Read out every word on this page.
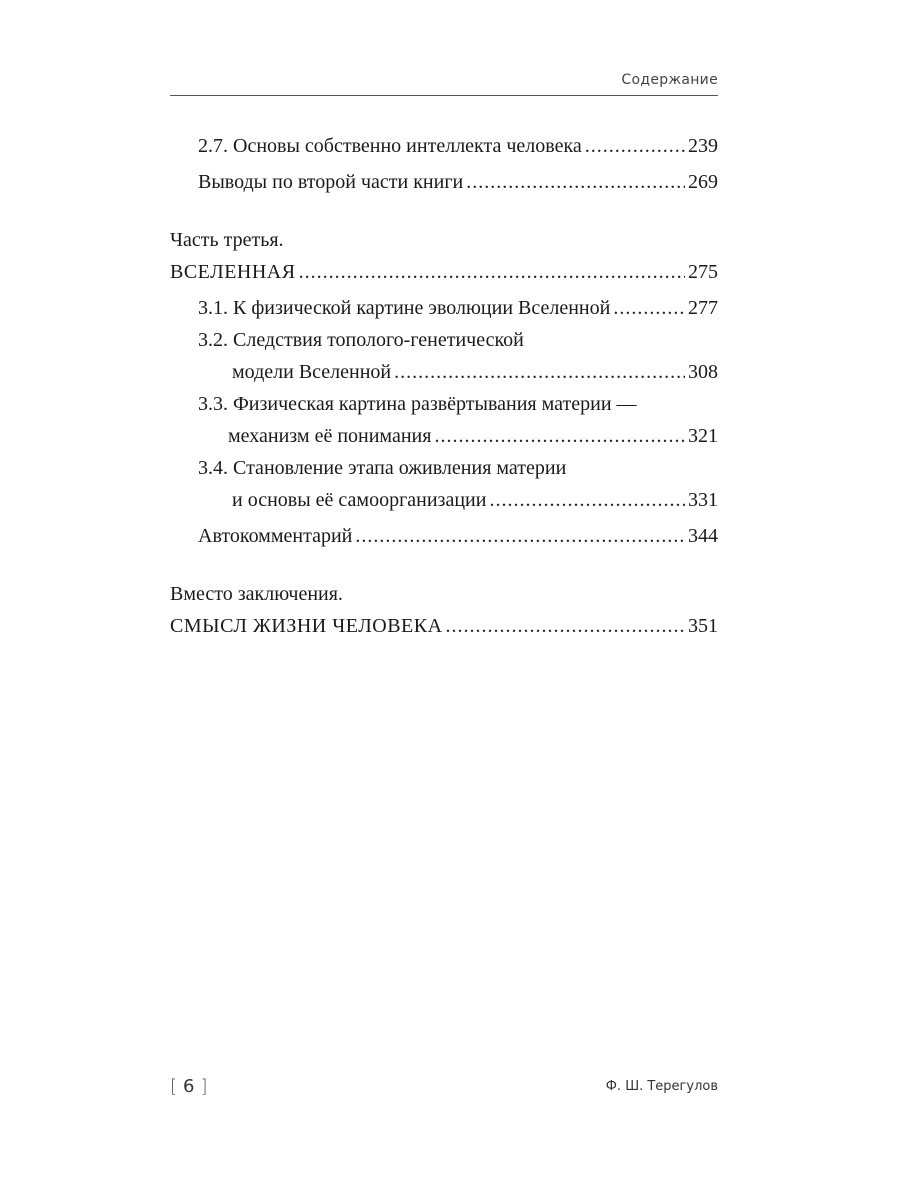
Содержание
2.7. Основы собственно интеллекта человека .....	239
Выводы по второй части книги .....	269
Часть третья.
ВСЕЛЕННАЯ .....	275
3.1. К физической картине эволюции Вселенной .....	277
3.2. Следствия тополого-генетической
модели Вселенной .....	308
3.3. Физическая картина развёртывания материи —
механизм её понимания .....	321
3.4. Становление этапа оживления материи
и основы её самоорганизации .....	331
Автокомментарий .....	344
Вместо заключения.
СМЫСЛ ЖИЗНИ ЧЕЛОВЕКА .....	351
[ 6 ]	Ф. Ш. Терегулов
